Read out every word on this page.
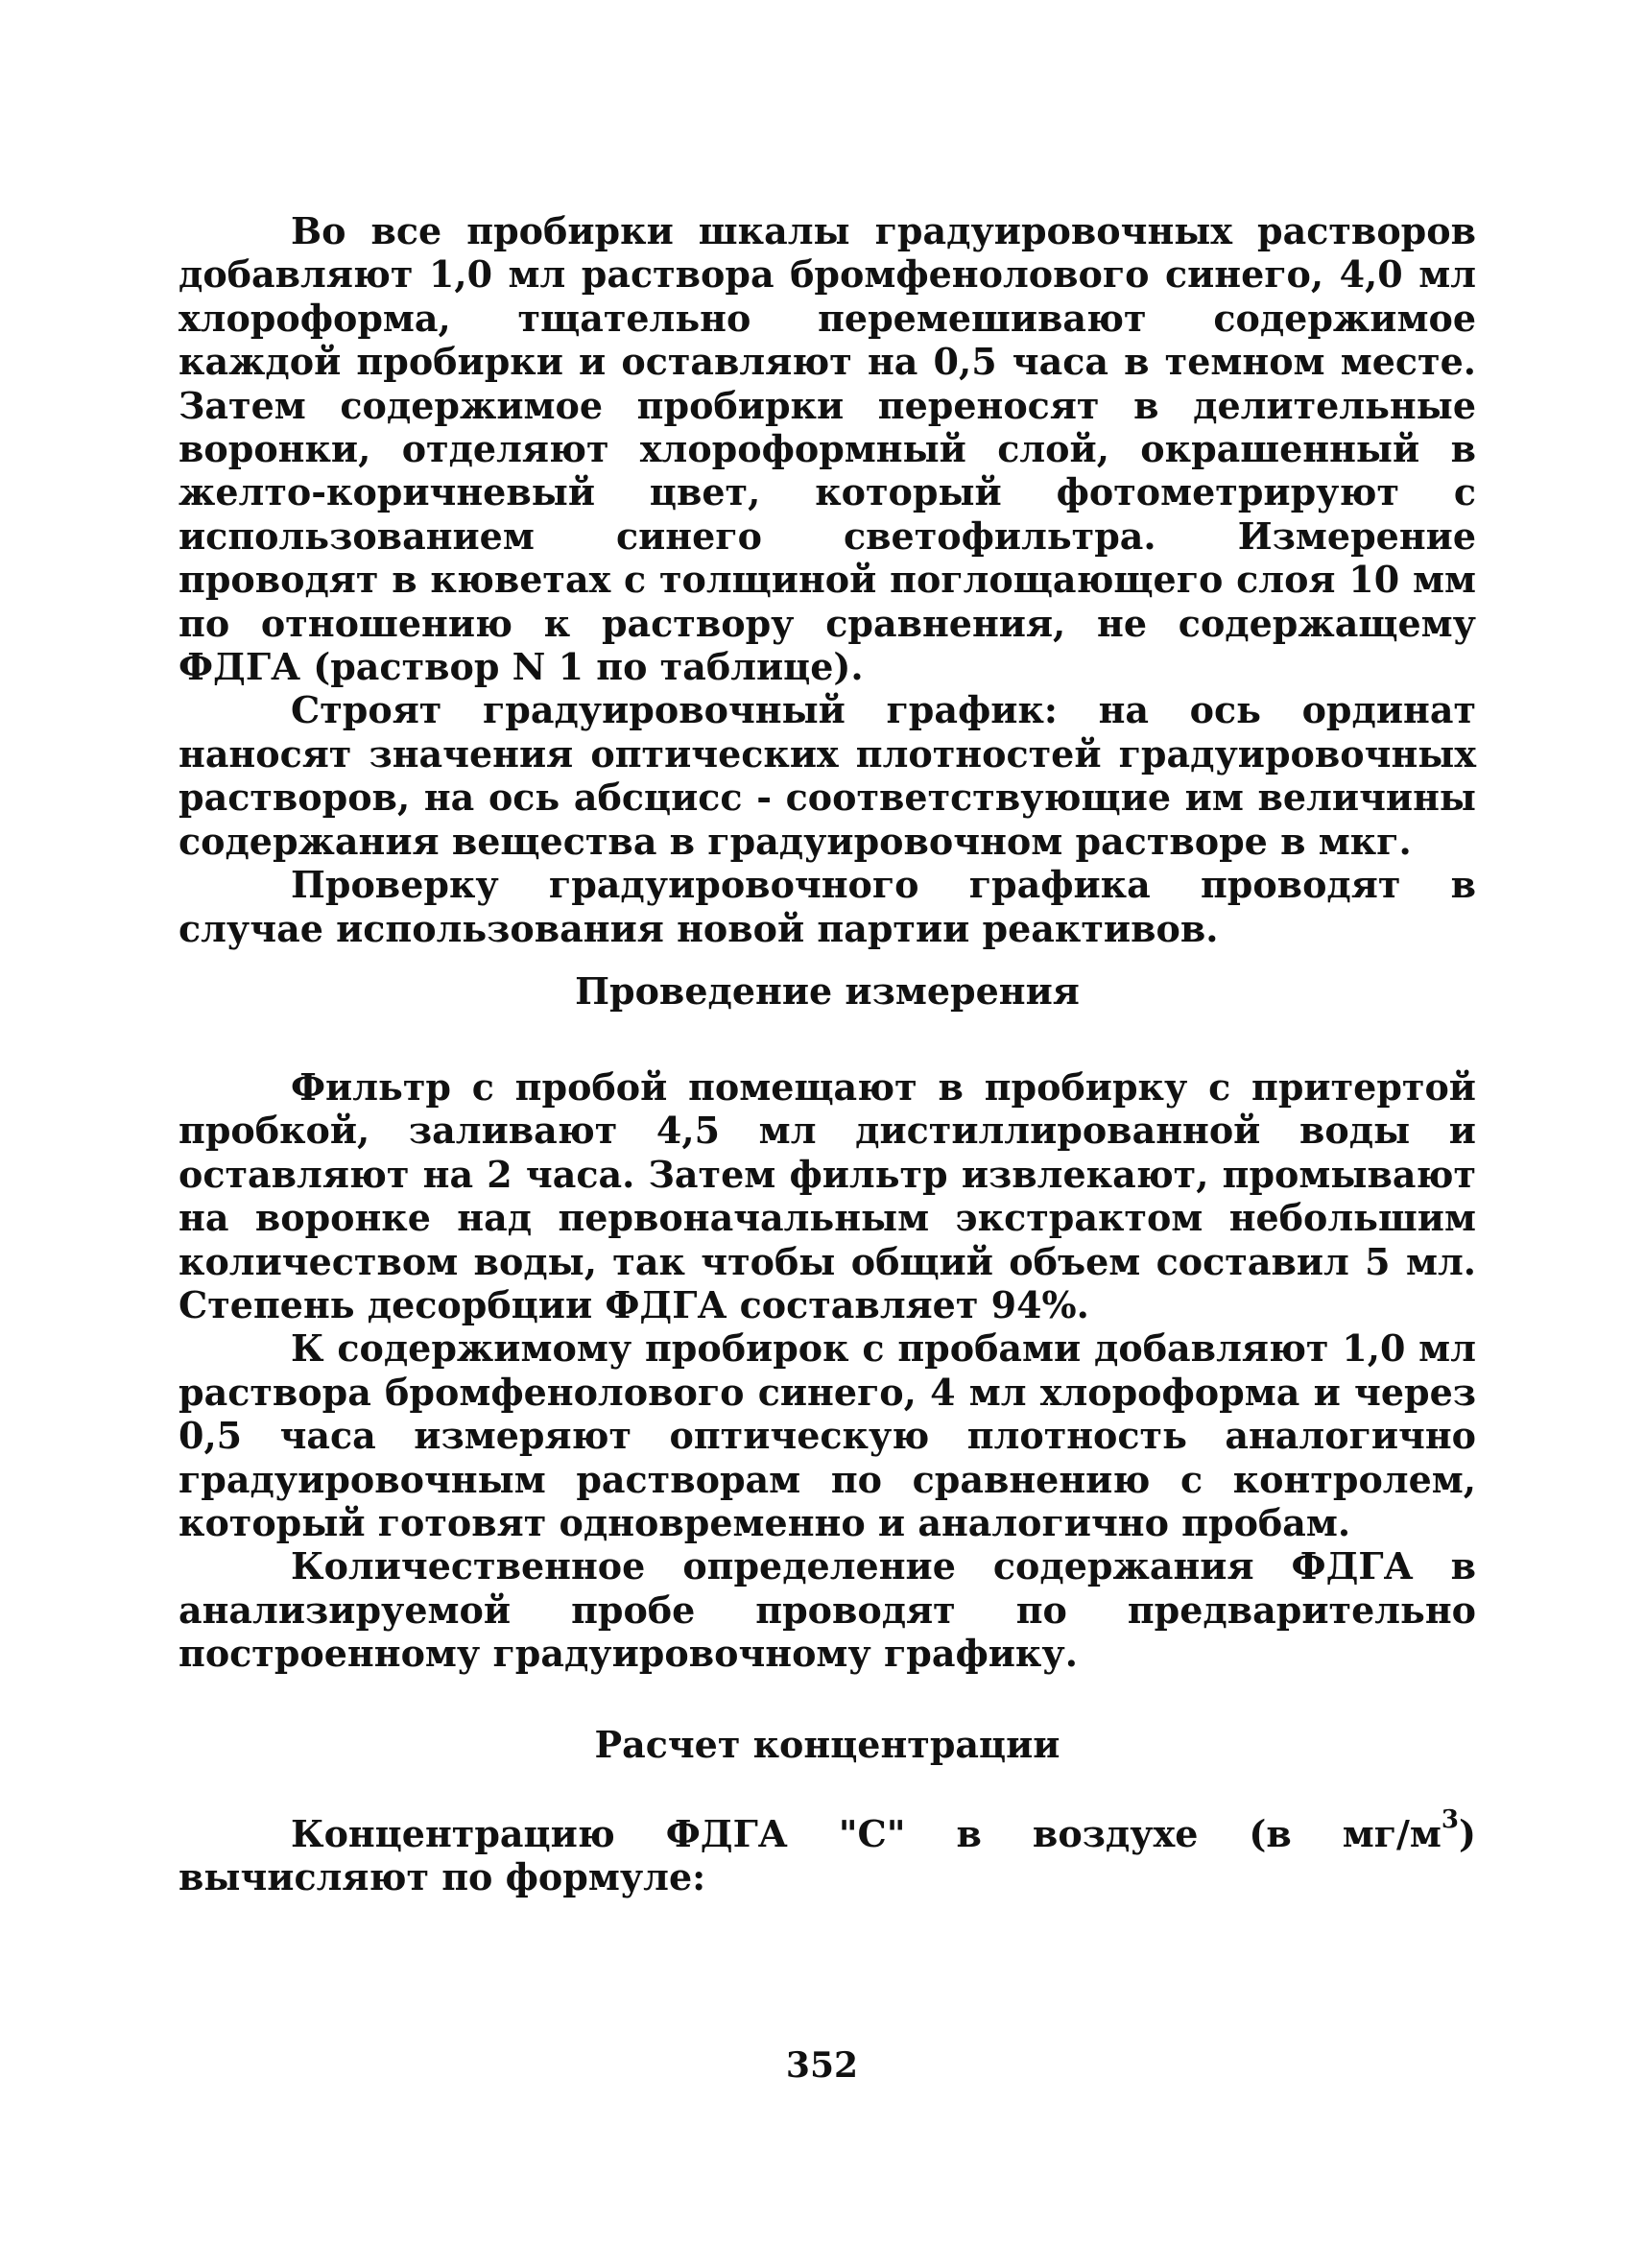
Во все пробирки шкалы градуировочных растворов добавляют 1,0 мл раствора бромфенолового синего, 4,0 мл хлороформа, тщательно перемешивают содержимое каждой пробирки и оставляют на 0,5 часа в темном месте. Затем содержимое пробирки переносят в делительные воронки, отделяют хлороформный слой, окрашенный в желто-коричневый цвет, который фотометрируют с использованием синего светофильтра. Измерение проводят в кюветах с толщиной поглощающего слоя 10 мм по отношению к раствору сравнения, не содержащему ФДГА (раствор N 1 по таблице).

Строят градуировочный график: на ось ординат наносят значения оптических плотностей градуировочных растворов, на ось абсцисс - соответствующие им величины содержания вещества в градуировочном растворе в мкг.

Проверку градуировочного графика проводят в случае использования новой партии реактивов.

Проведение измерения

Фильтр с пробой помещают в пробирку с притертой пробкой, заливают 4,5 мл дистиллированной воды и оставляют на 2 часа. Затем фильтр извлекают, промывают на воронке над первоначальным экстрактом небольшим количеством воды, так чтобы общий объем составил 5 мл. Степень десорбции ФДГА составляет 94%.

К содержимому пробирок с пробами добавляют 1,0 мл раствора бромфенолового синего, 4 мл хлороформа и через 0,5 часа измеряют оптическую плотность аналогично градуировочным растворам по сравнению с контролем, который готовят одновременно и аналогично пробам.

Количественное определение содержания ФДГА в анализируемой пробе проводят по предварительно построенному градуировочному графику.

Расчет концентрации

Концентрацию ФДГА "С" в воздухе (в $мг/м^3$) вычисляют по формуле:

352
